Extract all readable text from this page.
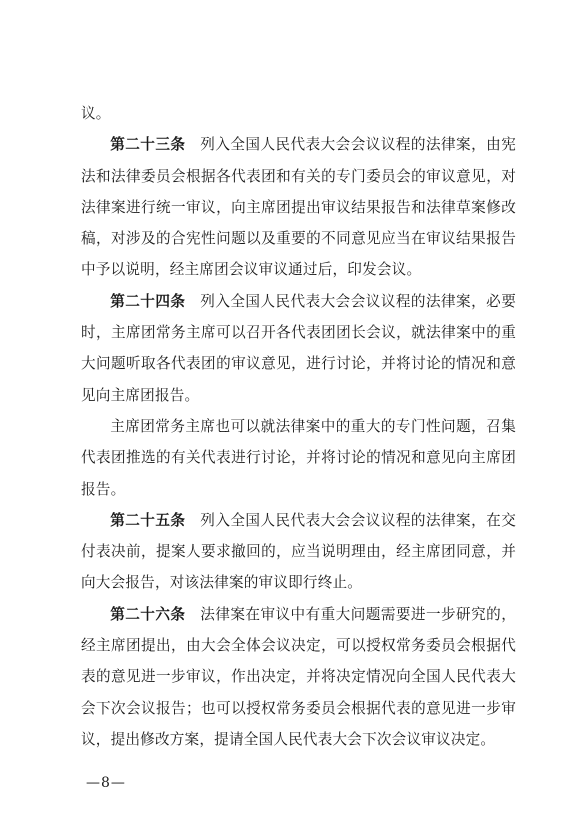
议。

第二十三条 列入全国人民代表大会会议议程的法律案，由宪法和法律委员会根据各代表团和有关的专门委员会的审议意见，对法律案进行统一审议，向主席团提出审议结果报告和法律草案修改稿，对涉及的合宪性问题以及重要的不同意见应当在审议结果报告中予以说明，经主席团会议审议通过后，印发会议。

第二十四条 列入全国人民代表大会会议议程的法律案，必要时，主席团常务主席可以召开各代表团团长会议，就法律案中的重大问题听取各代表团的审议意见，进行讨论，并将讨论的情况和意见向主席团报告。

主席团常务主席也可以就法律案中的重大的专门性问题，召集代表团推选的有关代表进行讨论，并将讨论的情况和意见向主席团报告。

第二十五条 列入全国人民代表大会会议议程的法律案，在交付表决前，提案人要求撤回的，应当说明理由，经主席团同意，并向大会报告，对该法律案的审议即行终止。

第二十六条 法律案在审议中有重大问题需要进一步研究的，经主席团提出，由大会全体会议决定，可以授权常务委员会根据代表的意见进一步审议，作出决定，并将决定情况向全国人民代表大会下次会议报告；也可以授权常务委员会根据代表的意见进一步审议，提出修改方案，提请全国人民代表大会下次会议审议决定。

—8—
